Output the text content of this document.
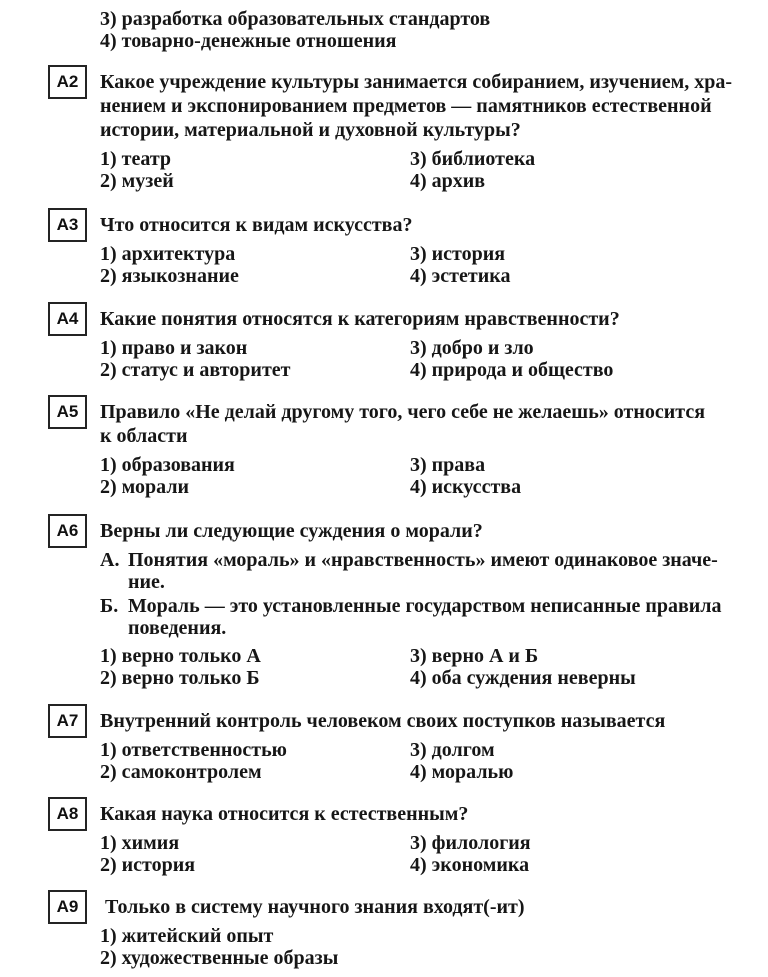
3) разработка образовательных стандартов
4) товарно-денежные отношения
А2 Какое учреждение культуры занимается собиранием, изучением, хра-
нением и экспонированием предметов — памятников естественной
истории, материальной и духовной культуры?
1) театр
2) музей
3) библиотека
4) архив
А3 Что относится к видам искусства?
1) архитектура
2) языкознание
3) история
4) эстетика
А4 Какие понятия относятся к категориям нравственности?
1) право и закон
2) статус и авторитет
3) добро и зло
4) природа и общество
А5 Правило «Не делай другому того, чего себе не желаешь» относится
к области
1) образования
2) морали
3) права
4) искусства
А6 Верны ли следующие суждения о морали?
А. Понятия «мораль» и «нравственность» имеют одинаковое значе-
ние.
Б. Мораль — это установленные государством неписанные правила
поведения.
1) верно только А
2) верно только Б
3) верно А и Б
4) оба суждения неверны
А7 Внутренний контроль человеком своих поступков называется
1) ответственностью
2) самоконтролем
3) долгом
4) моралью
А8 Какая наука относится к естественным?
1) химия
2) история
3) филология
4) экономика
А9 Только в систему научного знания входят(-ит)
1) житейский опыт
2) художественные образы
